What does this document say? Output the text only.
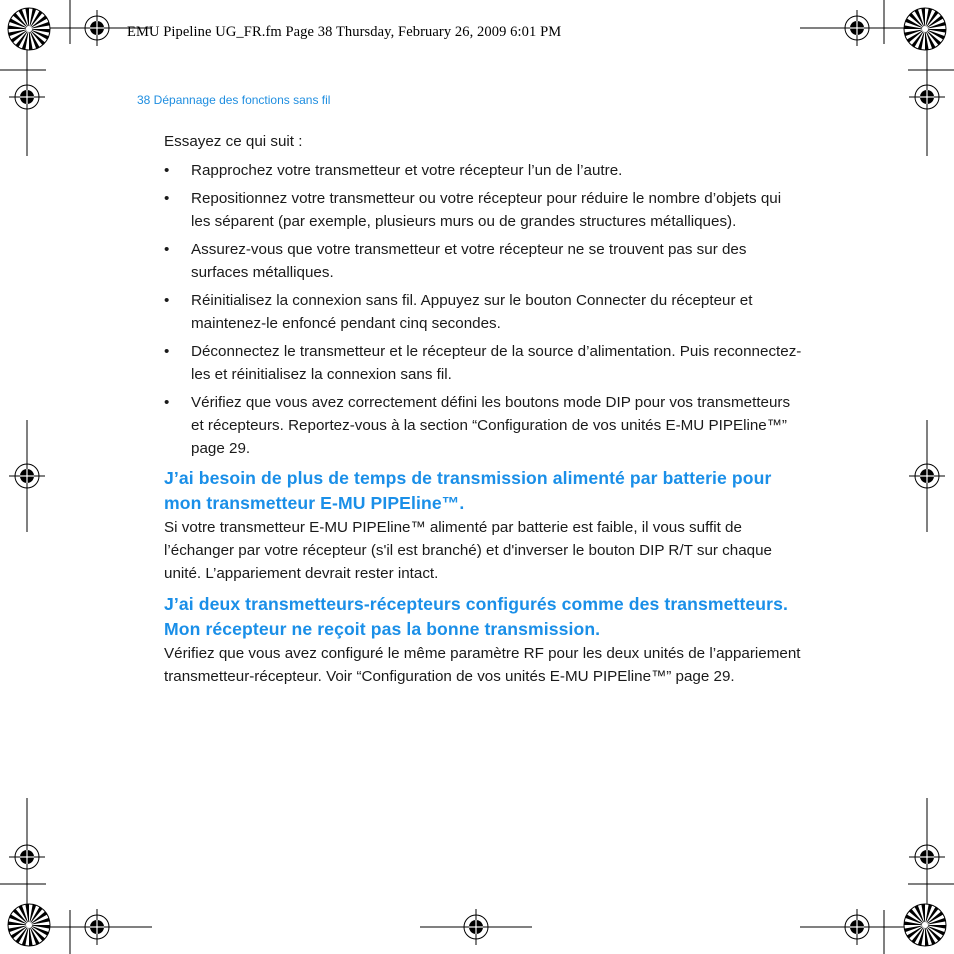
EMU Pipeline UG_FR.fm Page 38 Thursday, February 26, 2009 6:01 PM
38 Dépannage des fonctions sans fil

Essayez ce qui suit :

• Rapprochez votre transmetteur et votre récepteur l’un de l’autre.
• Repositionnez votre transmetteur ou votre récepteur pour réduire le nombre d’objets qui les séparent (par exemple, plusieurs murs ou de grandes structures métalliques).
• Assurez-vous que votre transmetteur et votre récepteur ne se trouvent pas sur des surfaces métalliques.
• Réinitialisez la connexion sans fil. Appuyez sur le bouton Connecter du récepteur et maintenez-le enfoncé pendant cinq secondes.
• Déconnectez le transmetteur et le récepteur de la source d’alimentation. Puis reconnectez-les et réinitialisez la connexion sans fil.
• Vérifiez que vous avez correctement défini les boutons mode DIP pour vos transmetteurs et récepteurs. Reportez-vous à la section “Configuration de vos unités E-MU PIPEline™” page 29.
J’ai besoin de plus de temps de transmission alimenté par batterie pour mon transmetteur E-MU PIPEline™.

Si votre transmetteur E-MU PIPEline™ alimenté par batterie est faible, il vous suffit de l’échanger par votre récepteur (s'il est branché) et d'inverser le bouton DIP R/T sur chaque unité. L’appariement devrait rester intact.

J’ai deux transmetteurs-récepteurs configurés comme des transmetteurs. Mon récepteur ne reçoit pas la bonne transmission.

Vérifiez que vous avez configuré le même paramètre RF pour les deux unités de l’appariement transmetteur-récepteur. Voir “Configuration de vos unités E-MU PIPEline™” page 29.
